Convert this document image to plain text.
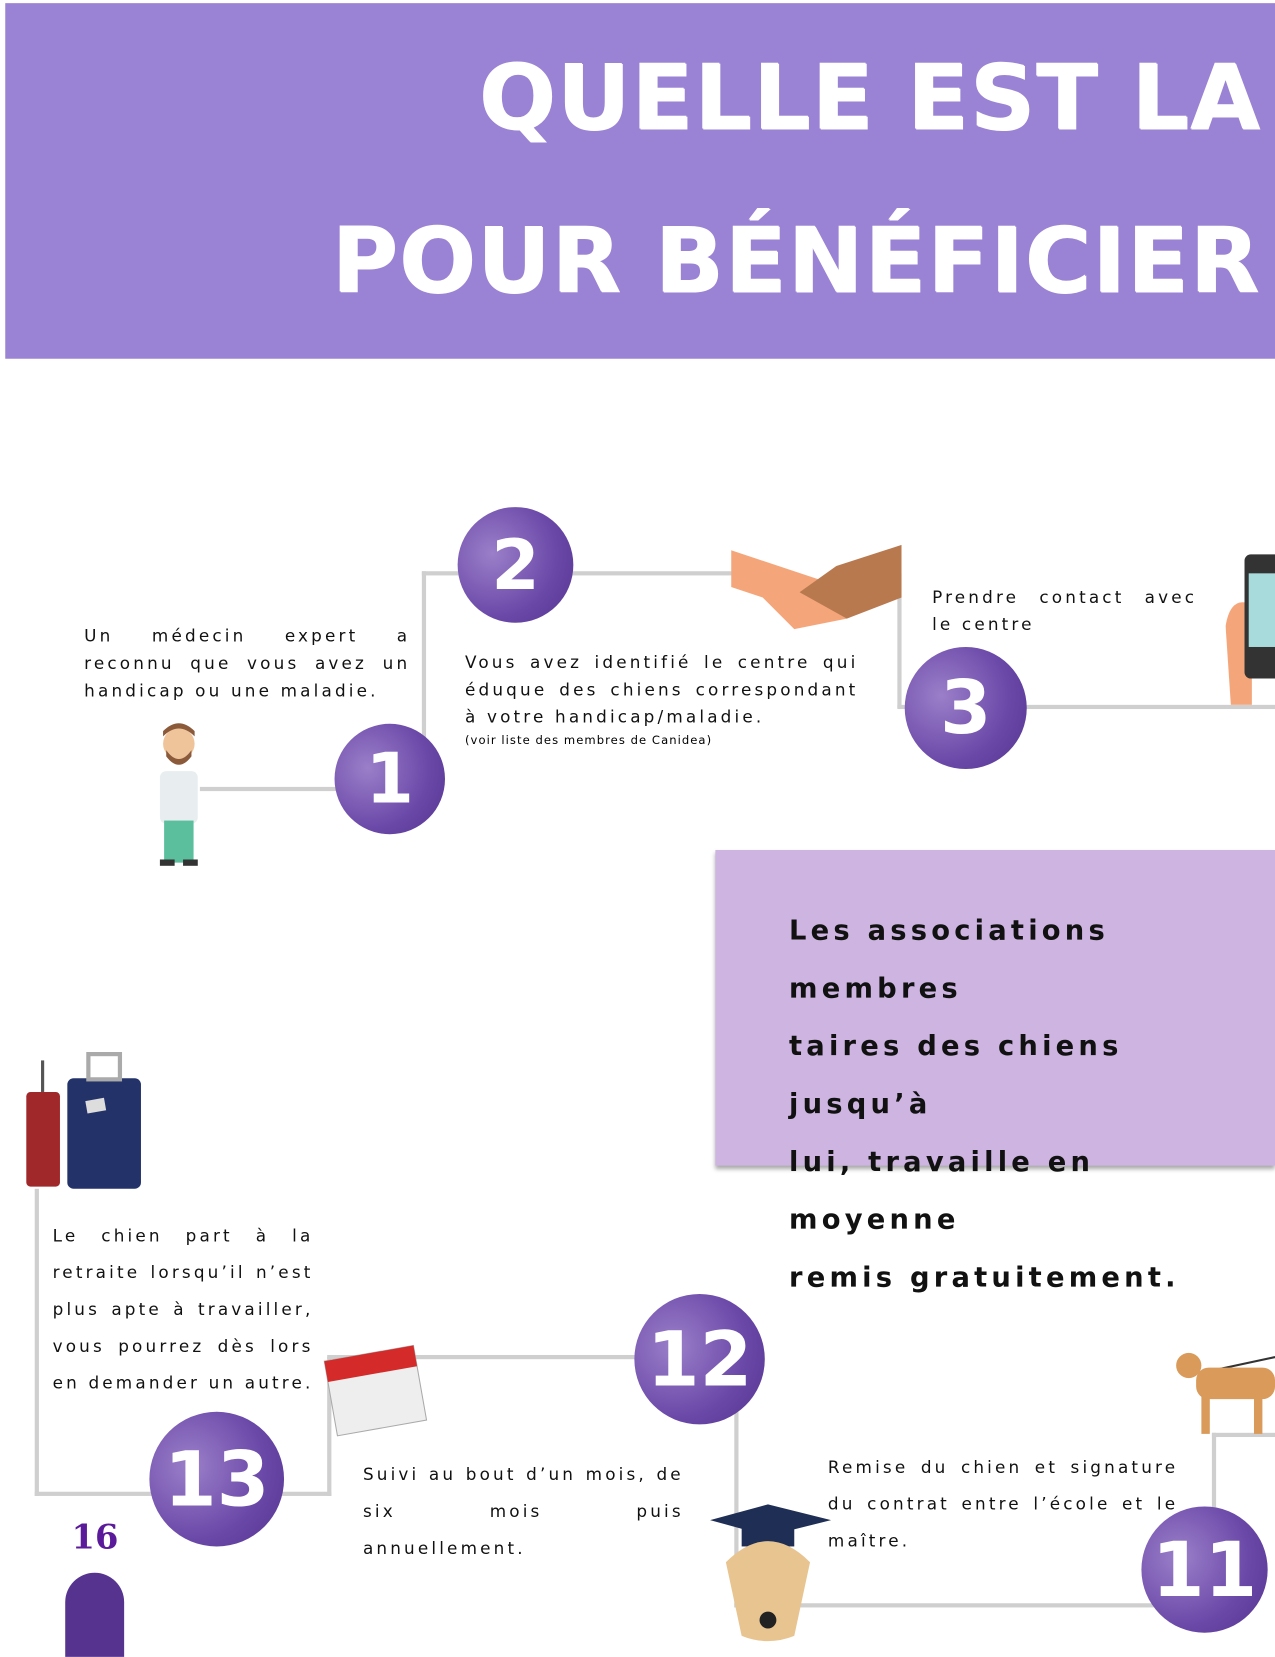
QUELLE EST LA
POUR BÉNÉFICIER
1
2
3
12
13
11
Un médecin expert a reconnu que vous avez un handicap ou une maladie.
Vous avez identifié le centre qui éduque des chiens correspondant à votre handicap/maladie.
(voir liste des membres de Canidea)
Prendre contact avec le centre
Le chien part à la retraite lorsqu’il n’est plus apte à travailler, vous pourrez dès lors en demander un autre.
Suivi au bout d’un mois, de six mois puis annuellement.
Remise du chien et signature du contrat entre l’école et le maître.
Les associations membres
taires des chiens jusqu’à
lui, travaille en moyenne
remis gratuitement.
16
